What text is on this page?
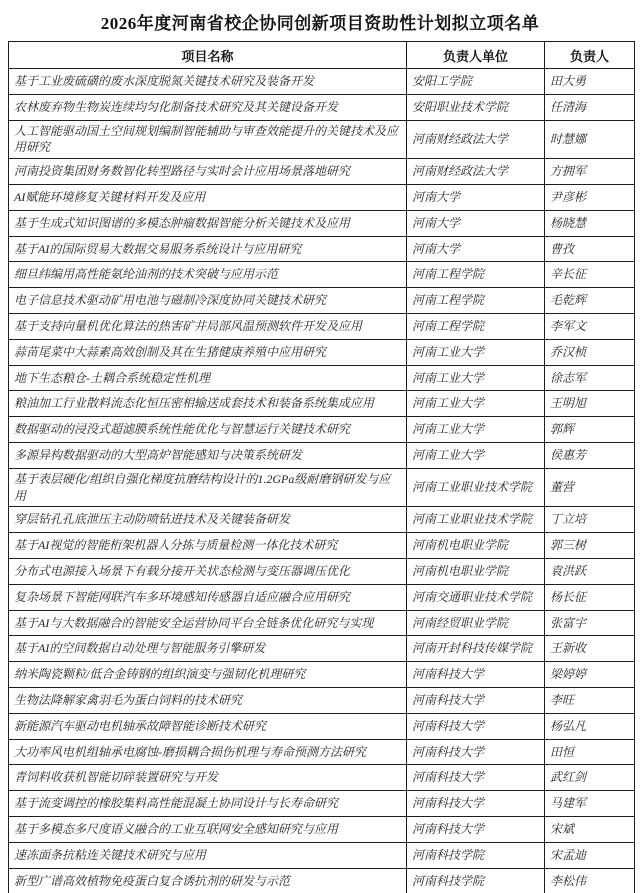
2026年度河南省校企协同创新项目资助性计划拟立项名单
项目名称	负责人单位	负责人
基于工业废硫磺的废水深度脱氮关键技术研究及装备开发	安阳工学院	田大勇
农林废弃物生物炭连续均匀化制备技术研究及其关键设备开发	安阳职业技术学院	任清海
人工智能驱动国土空间规划编制智能辅助与审查效能提升的关键技术及应用研究	河南财经政法大学	时慧娜
河南投资集团财务数智化转型路径与实时会计应用场景落地研究	河南财经政法大学	方拥军
AI赋能环境修复关键材料开发及应用	河南大学	尹彦彬
基于生成式知识图谱的多模态肿瘤数据智能分析关键技术及应用	河南大学	杨晓慧
基于AI的国际贸易大数据交易服务系统设计与应用研究	河南大学	曹孜
细旦纬编用高性能氨纶油剂的技术突破与应用示范	河南工程学院	辛长征
电子信息技术驱动矿用电池与磁制冷深度协同关键技术研究	河南工程学院	毛乾辉
基于支持向量机优化算法的热害矿井局部风温预测软件开发及应用	河南工程学院	李军文
蒜苗尾菜中大蒜素高效创制及其在生猪健康养殖中应用研究	河南工业大学	乔汉桢
地下生态粮仓-土耦合系统稳定性机理	河南工业大学	徐志军
粮油加工行业散料流态化恒压密相输送成套技术和装备系统集成应用	河南工业大学	王明旭
数据驱动的浸没式超滤膜系统性能优化与智慧运行关键技术研究	河南工业大学	郭辉
多源异构数据驱动的大型高炉智能感知与决策系统研发	河南工业大学	侯惠芳
基于表层硬化/组织自强化梯度抗磨结构设计的1.2GPa级耐磨钢研发与应用	河南工业职业技术学院	董营
穿层钻孔孔底泄压主动防喷钻进技术及关键装备研发	河南工业职业技术学院	丁立培
基于AI视觉的智能桁架机器人分拣与质量检测一体化技术研究	河南机电职业学院	郭三树
分布式电源接入场景下有载分接开关状态检测与变压器调压优化	河南机电职业学院	袁洪跃
复杂场景下智能网联汽车多环境感知传感器自适应融合应用研究	河南交通职业技术学院	杨长征
基于AI与大数据融合的智能安全运营协同平台全链条优化研究与实现	河南经贸职业学院	张富宇
基于AI的空间数据自动处理与智能服务引擎研发	河南开封科技传媒学院	王新收
纳米陶瓷颗粒/低合金铸钢的组织演变与强韧化机理研究	河南科技大学	梁婷婷
生物法降解家禽羽毛为蛋白饲料的技术研究	河南科技大学	李旺
新能源汽车驱动电机轴承故障智能诊断技术研究	河南科技大学	杨弘凡
大功率风电机组轴承电腐蚀-磨损耦合损伤机理与寿命预测方法研究	河南科技大学	田恒
青饲料收获机智能切碎装置研究与开发	河南科技大学	武红剑
基于流变调控的橡胶集料高性能混凝土协同设计与长寿命研究	河南科技大学	马建军
基于多模态多尺度语义融合的工业互联网安全感知研究与应用	河南科技大学	宋斌
速冻面条抗粘连关键技术研究与应用	河南科技学院	宋孟迪
新型广谱高效植物免疫蛋白复合诱抗剂的研发与示范	河南科技学院	李松伟
